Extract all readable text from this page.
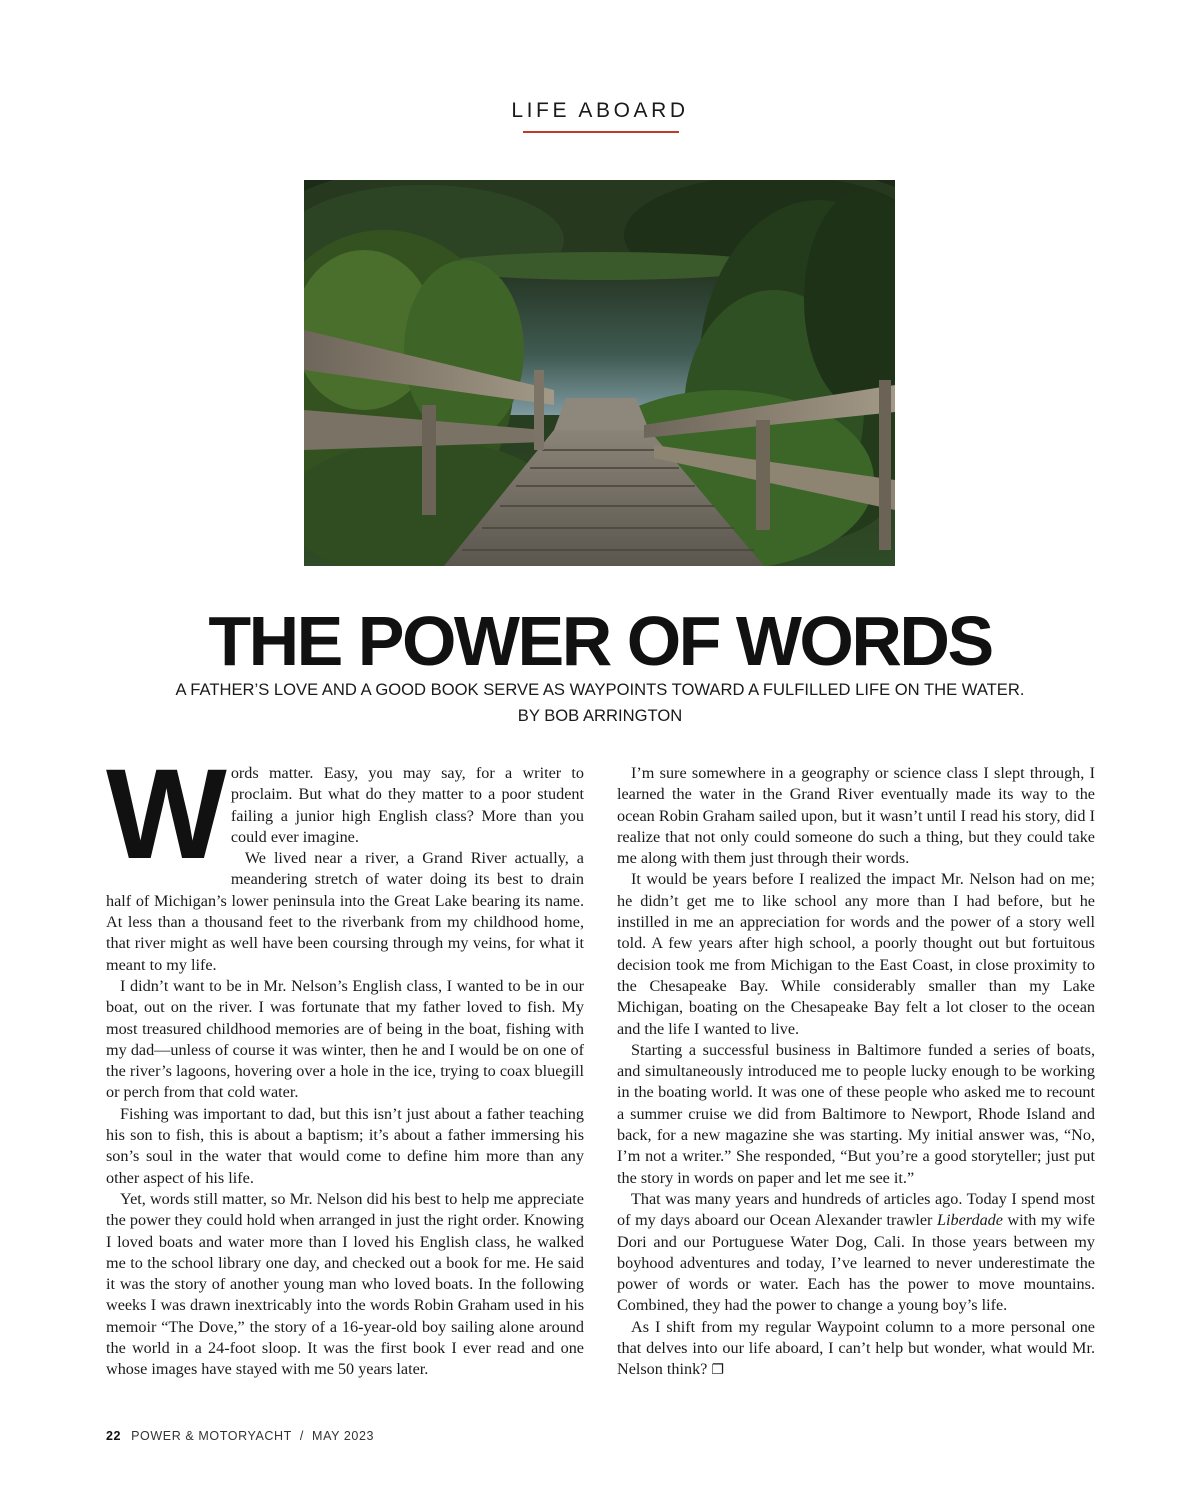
LIFE ABOARD
THE POWER OF WORDS

A FATHER’S LOVE AND A GOOD BOOK SERVE AS WAYPOINTS TOWARD A FULFILLED LIFE ON THE WATER.

BY BOB ARRINGTON

Words matter. Easy, you may say, for a writer to proclaim. But what do they matter to a poor student failing a junior high English class? More than you could ever imagine.

We lived near a river, a Grand River actually, a meandering stretch of water doing its best to drain half of Michigan’s lower peninsula into the Great Lake bearing its name. At less than a thousand feet to the riverbank from my childhood home, that river might as well have been coursing through my veins, for what it meant to my life.

I didn’t want to be in Mr. Nelson’s English class, I wanted to be in our boat, out on the river. I was fortunate that my father loved to fish. My most treasured childhood memories are of being in the boat, fishing with my dad—unless of course it was winter, then he and I would be on one of the river’s lagoons, hovering over a hole in the ice, trying to coax bluegill or perch from that cold water.

Fishing was important to dad, but this isn’t just about a father teaching his son to fish, this is about a baptism; it’s about a father immersing his son’s soul in the water that would come to define him more than any other aspect of his life.

Yet, words still matter, so Mr. Nelson did his best to help me appreciate the power they could hold when arranged in just the right order. Knowing I loved boats and water more than I loved his English class, he walked me to the school library one day, and checked out a book for me. He said it was the story of another young man who loved boats. In the following weeks I was drawn inextricably into the words Robin Graham used in his memoir “The Dove,” the story of a 16-year-old boy sailing alone around the world in a 24-foot sloop. It was the first book I ever read and one whose images have stayed with me 50 years later.

I’m sure somewhere in a geography or science class I slept through, I learned the water in the Grand River eventually made its way to the ocean Robin Graham sailed upon, but it wasn’t until I read his story, did I realize that not only could someone do such a thing, but they could take me along with them just through their words.

It would be years before I realized the impact Mr. Nelson had on me; he didn’t get me to like school any more than I had before, but he instilled in me an appreciation for words and the power of a story well told. A few years after high school, a poorly thought out but fortuitous decision took me from Michigan to the East Coast, in close proximity to the Chesapeake Bay. While considerably smaller than my Lake Michigan, boating on the Chesapeake Bay felt a lot closer to the ocean and the life I wanted to live.

Starting a successful business in Baltimore funded a series of boats, and simultaneously introduced me to people lucky enough to be working in the boating world. It was one of these people who asked me to recount a summer cruise we did from Baltimore to Newport, Rhode Island and back, for a new magazine she was starting. My initial answer was, “No, I’m not a writer.” She responded, “But you’re a good storyteller; just put the story in words on paper and let me see it.”

That was many years and hundreds of articles ago. Today I spend most of my days aboard our Ocean Alexander trawler Liberdade with my wife Dori and our Portuguese Water Dog, Cali. In those years between my boyhood adventures and today, I’ve learned to never underestimate the power of words or water. Each has the power to move mountains. Combined, they had the power to change a young boy’s life.

As I shift from my regular Waypoint column to a more personal one that delves into our life aboard, I can’t help but wonder, what would Mr. Nelson think? ❐

22 POWER & MOTORYACHT  /  MAY 2023
